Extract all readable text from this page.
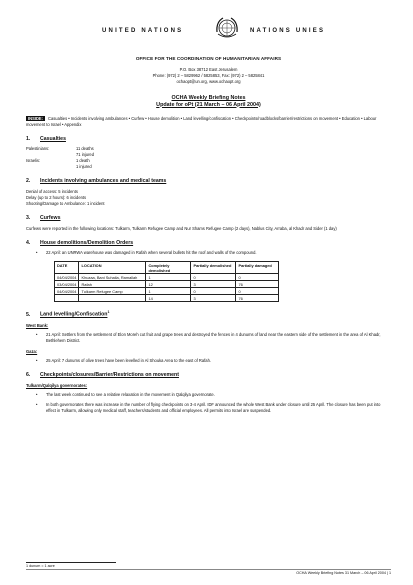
UNITED NATIONS	NATIONS UNIES
OFFICE FOR THE COORDINATION OF HUMANITARIAN AFFAIRS
P.O. Box 38712 East Jerusalem
Phone: (972) 2 – 5829962 / 5825853, Fax: (972) 2 – 5825841
ochaopt@un.org, www.ochaopt.org
OCHA Weekly Briefing Notes
Update for oPt (21 March – 06 April 2004)
INSIDE: Casualties • Incidents involving ambulances • Curfew • House demolition • Land levelling/confiscation • Checkpoints/roadblocks/barrier/restrictions on movement • Education • Labour movement to Israel • Appendix
1. Casualties
Palestinians:	11 deaths
71 injured
Israelis:	1 death
1 injured
2. Incidents involving ambulances and medical teams
Denial of access: 5 incidents
Delay (up to 2 hours): 6 incidents
Shooting/Damage to Ambulance: 1 incident
3. Curfews
Curfews were reported in the following locations: Tulkarm, Tulkarm Refugee Camp and Nur Shams Refugee Camp (2 days), Nablus City, Arraba, al Khadr and Sider (1 day)
4. House demolitions/Demolition Orders
•	22 April: an UNRWA warehouse was damaged in Rafah when several bullets hit the roof and walls of the compound.
DATE	LOCATION	Completely demolished	Partially demolished	Partially damaged
04/04/2004	Khuzaa, Bani Suhaila, Ramallah	1	0	0
03/04/2004	Rafah	12	3	76
04/04/2004	Tulkarm Refugee Camp	1	0	0
		14	3	76
5. Land levelling/Confiscation$^1$
West Bank:
•	21 April: Settlers from the settlement of Elon Moreh cut fruit and grape trees and destroyed the fences in 4 dunums of land near the eastern side of the settlement in the area of Al Khadr, Bethlehem District.
Gaza:
•	25 April: 7 dunums of olive trees have been levelled in Al Shouka Area to the east of Rafah.
6. Checkpoints/closures/Barrier/Restrictions on movement
Tulkarm/Qalqilya governorates:
•	The last week continued to see a relative relaxation in the movement in Qalqilya governorate.
•	In both governorates there was increase in the number of flying checkpoints on 3-4 April. IDF announced the whole West Bank under closure until 25 April. The closure has been put into effect in Tulkarm, allowing only medical staff, teachers/students and official employees. All permits into Israel are suspended.
1 dunum = 1 acre
OCHA Weekly Briefing Notes 31 March – 06 April 2004 | 1
